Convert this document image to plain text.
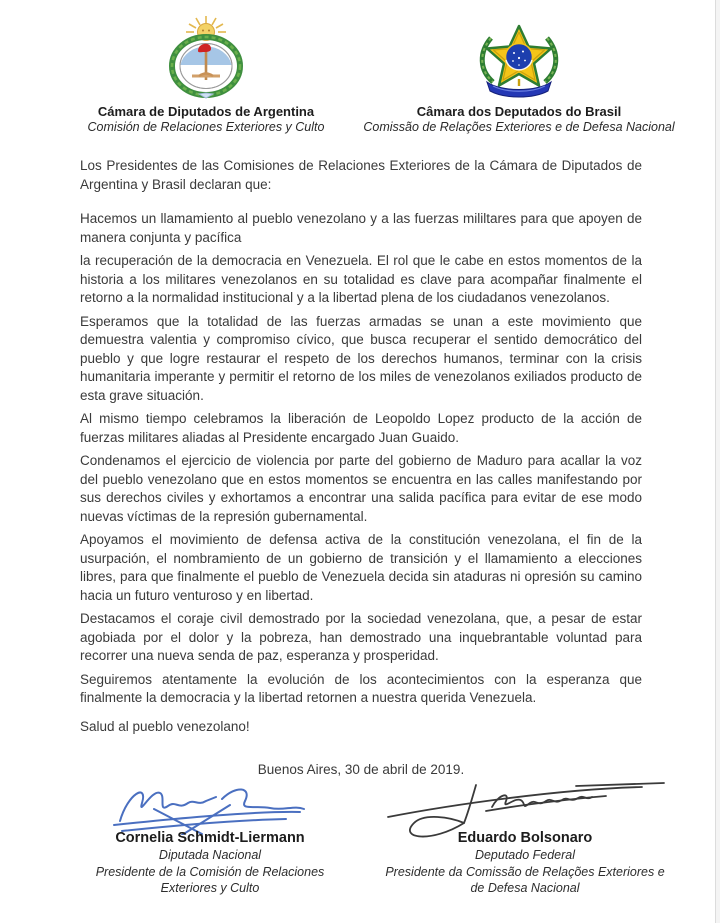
Cámara de Diputados de Argentina
Comisión de Relaciones Exteriores y Culto
Câmara dos Deputados do Brasil
Comissão de Relações Exteriores e de Defesa Nacional

Los Presidentes de las Comisiones de Relaciones Exteriores de la Cámara de Diputados de Argentina y Brasil declaran que:

Hacemos un llamamiento al pueblo venezolano y a las fuerzas mililtares para que apoyen de manera conjunta y pacífica

la recuperación de la democracia en Venezuela. El rol que le cabe en estos momentos de la historia a los militares venezolanos en su totalidad es clave para acompañar finalmente el retorno a la normalidad institucional y a la libertad plena de los ciudadanos venezolanos.

Esperamos que la totalidad de las fuerzas armadas se unan a este movimiento que demuestra valentia y compromiso cívico, que busca recuperar el sentido democrático del pueblo y que logre restaurar el respeto de los derechos humanos, terminar con la crisis humanitaria imperante y permitir el retorno de los miles de venezolanos exiliados producto de esta grave situación.

Al mismo tiempo celebramos la liberación de Leopoldo Lopez producto de la acción de fuerzas militares aliadas al Presidente encargado Juan Guaido.

Condenamos el ejercicio de violencia por parte del gobierno de Maduro para acallar la voz del pueblo venezolano que en estos momentos se encuentra en las calles manifestando por sus derechos civiles y exhortamos a encontrar una salida pacífica para evitar de ese modo nuevas víctimas de la represión gubernamental.

Apoyamos el movimiento de defensa activa de la constitución venezolana, el fin de la usurpación, el nombramiento de un gobierno de transición y el llamamiento a elecciones libres, para que finalmente el pueblo de Venezuela decida sin ataduras ni opresión su camino hacia un futuro venturoso y en libertad.

Destacamos el coraje civil demostrado por la sociedad venezolana, que, a pesar de estar agobiada por el dolor y la pobreza, han demostrado una inquebrantable voluntad para recorrer una nueva senda de paz, esperanza y prosperidad.

Seguiremos atentamente la evolución de los acontecimientos con la esperanza que finalmente la democracia y la libertad retornen a nuestra querida Venezuela.

Salud al pueblo venezolano!

Buenos Aires, 30 de abril de 2019.
Cornelia Schmidt-Liermann
Diputada Nacional
Presidente de la Comisión de Relaciones
Exteriores y Culto
Eduardo Bolsonaro
Deputado Federal
Presidente da Comissão de Relações Exteriores e
de Defesa Nacional
